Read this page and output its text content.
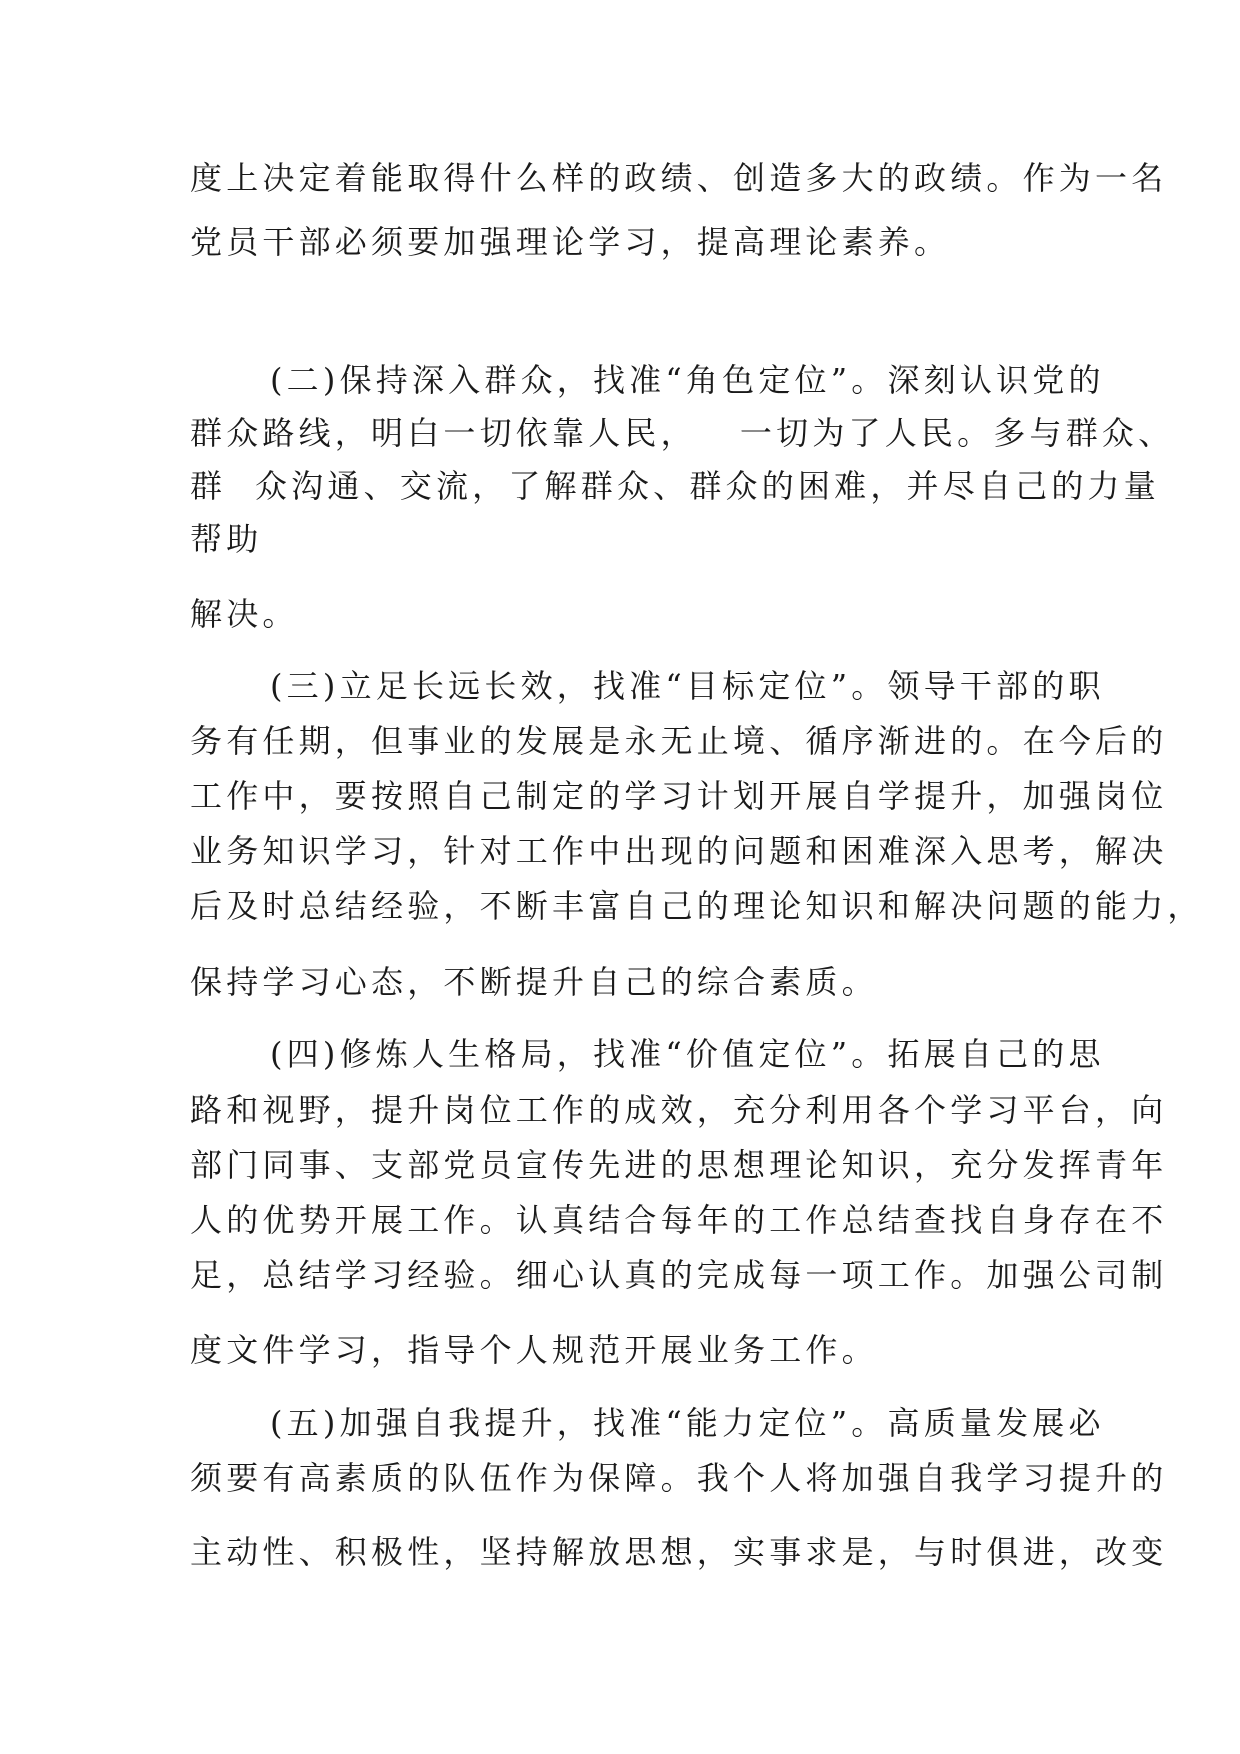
度上决定着能取得什么样的政绩、创造多大的政绩。作为一名
党员干部必须要加强理论学习，提高理论素养。
(二)保持深入群众，找准“角色定位”。深刻认识党的
群众路线，明白一切依靠人民，   一切为了人民。多与群众、
群  众沟通、交流，了解群众、群众的困难，并尽自己的力量
帮助
解决。
(三)立足长远长效，找准“目标定位”。领导干部的职
务有任期，但事业的发展是永无止境、循序渐进的。在今后的
工作中，要按照自己制定的学习计划开展自学提升，加强岗位
业务知识学习，针对工作中出现的问题和困难深入思考，解决
后及时总结经验，不断丰富自己的理论知识和解决问题的能力，
保持学习心态，不断提升自己的综合素质。
(四)修炼人生格局，找准“价值定位”。拓展自己的思
路和视野，提升岗位工作的成效，充分利用各个学习平台，向
部门同事、支部党员宣传先进的思想理论知识，充分发挥青年
人的优势开展工作。认真结合每年的工作总结查找自身存在不
足，总结学习经验。细心认真的完成每一项工作。加强公司制
度文件学习，指导个人规范开展业务工作。
(五)加强自我提升，找准“能力定位”。高质量发展必
须要有高素质的队伍作为保障。我个人将加强自我学习提升的
主动性、积极性，坚持解放思想，实事求是，与时俱进，改变
